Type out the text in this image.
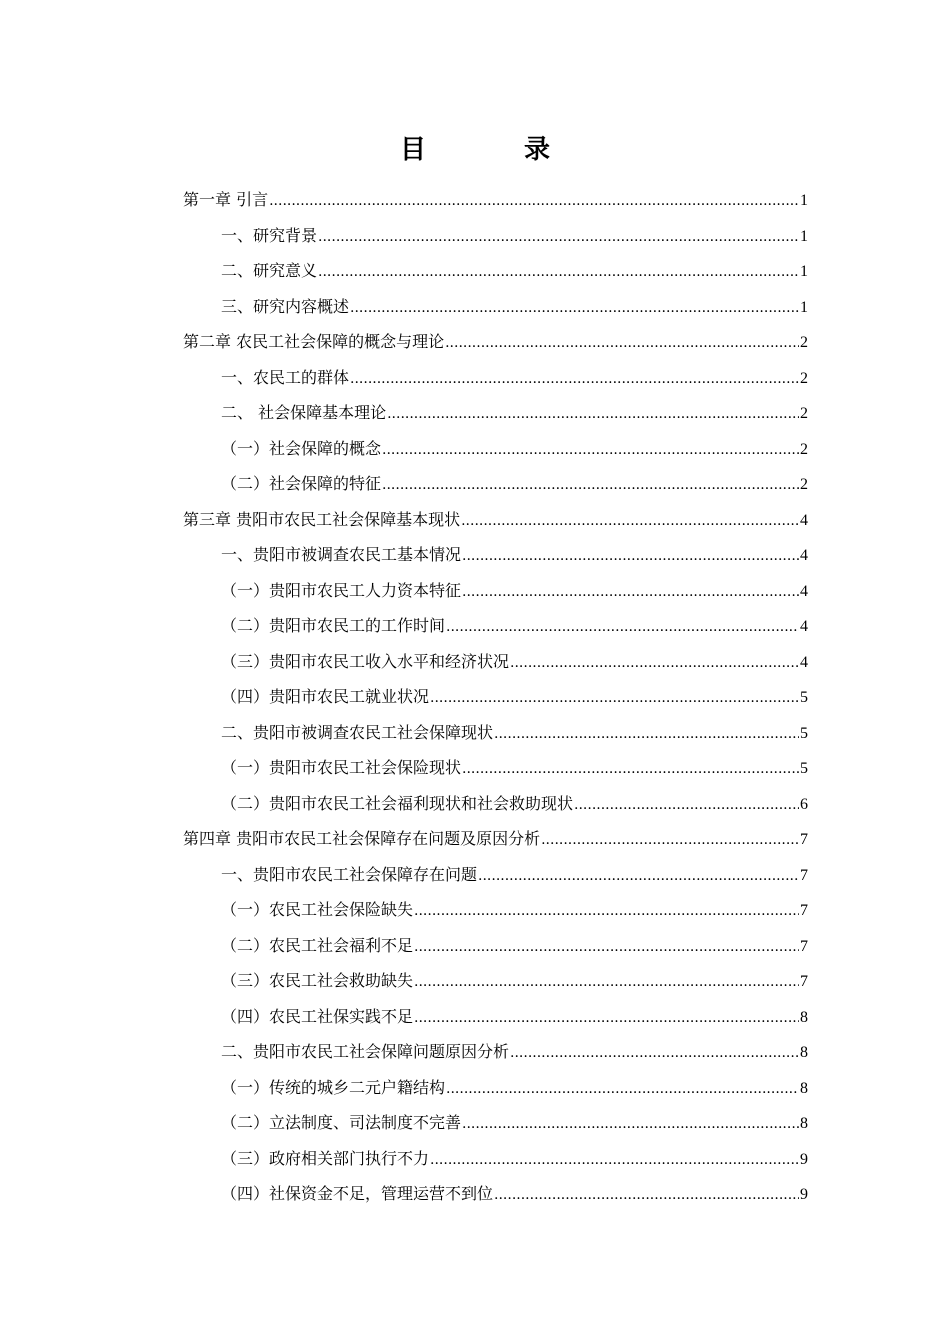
目　录
第一章 引言 .....	1
一、研究背景 .....	1
二、研究意义 .....	1
三、研究内容概述 .....	1
第二章 农民工社会保障的概念与理论 .....	2
一、农民工的群体 .....	2
二、 社会保障基本理论 .....	2
（一）社会保障的概念 .....	2
（二）社会保障的特征 .....	2
第三章 贵阳市农民工社会保障基本现状 .....	4
一、贵阳市被调查农民工基本情况 .....	4
（一）贵阳市农民工人力资本特征 .....	4
（二）贵阳市农民工的工作时间 .....	4
（三）贵阳市农民工收入水平和经济状况 .....	4
（四）贵阳市农民工就业状况 .....	5
二、贵阳市被调查农民工社会保障现状 .....	5
（一）贵阳市农民工社会保险现状 .....	5
（二）贵阳市农民工社会福利现状和社会救助现状 .....	6
第四章 贵阳市农民工社会保障存在问题及原因分析 .....	7
一、贵阳市农民工社会保障存在问题 .....	7
（一）农民工社会保险缺失 .....	7
（二）农民工社会福利不足 .....	7
（三）农民工社会救助缺失 .....	7
（四）农民工社保实践不足 .....	8
二、贵阳市农民工社会保障问题原因分析 .....	8
（一）传统的城乡二元户籍结构 .....	8
（二）立法制度、司法制度不完善 .....	8
（三）政府相关部门执行不力 .....	9
（四）社保资金不足，管理运营不到位 .....	9
